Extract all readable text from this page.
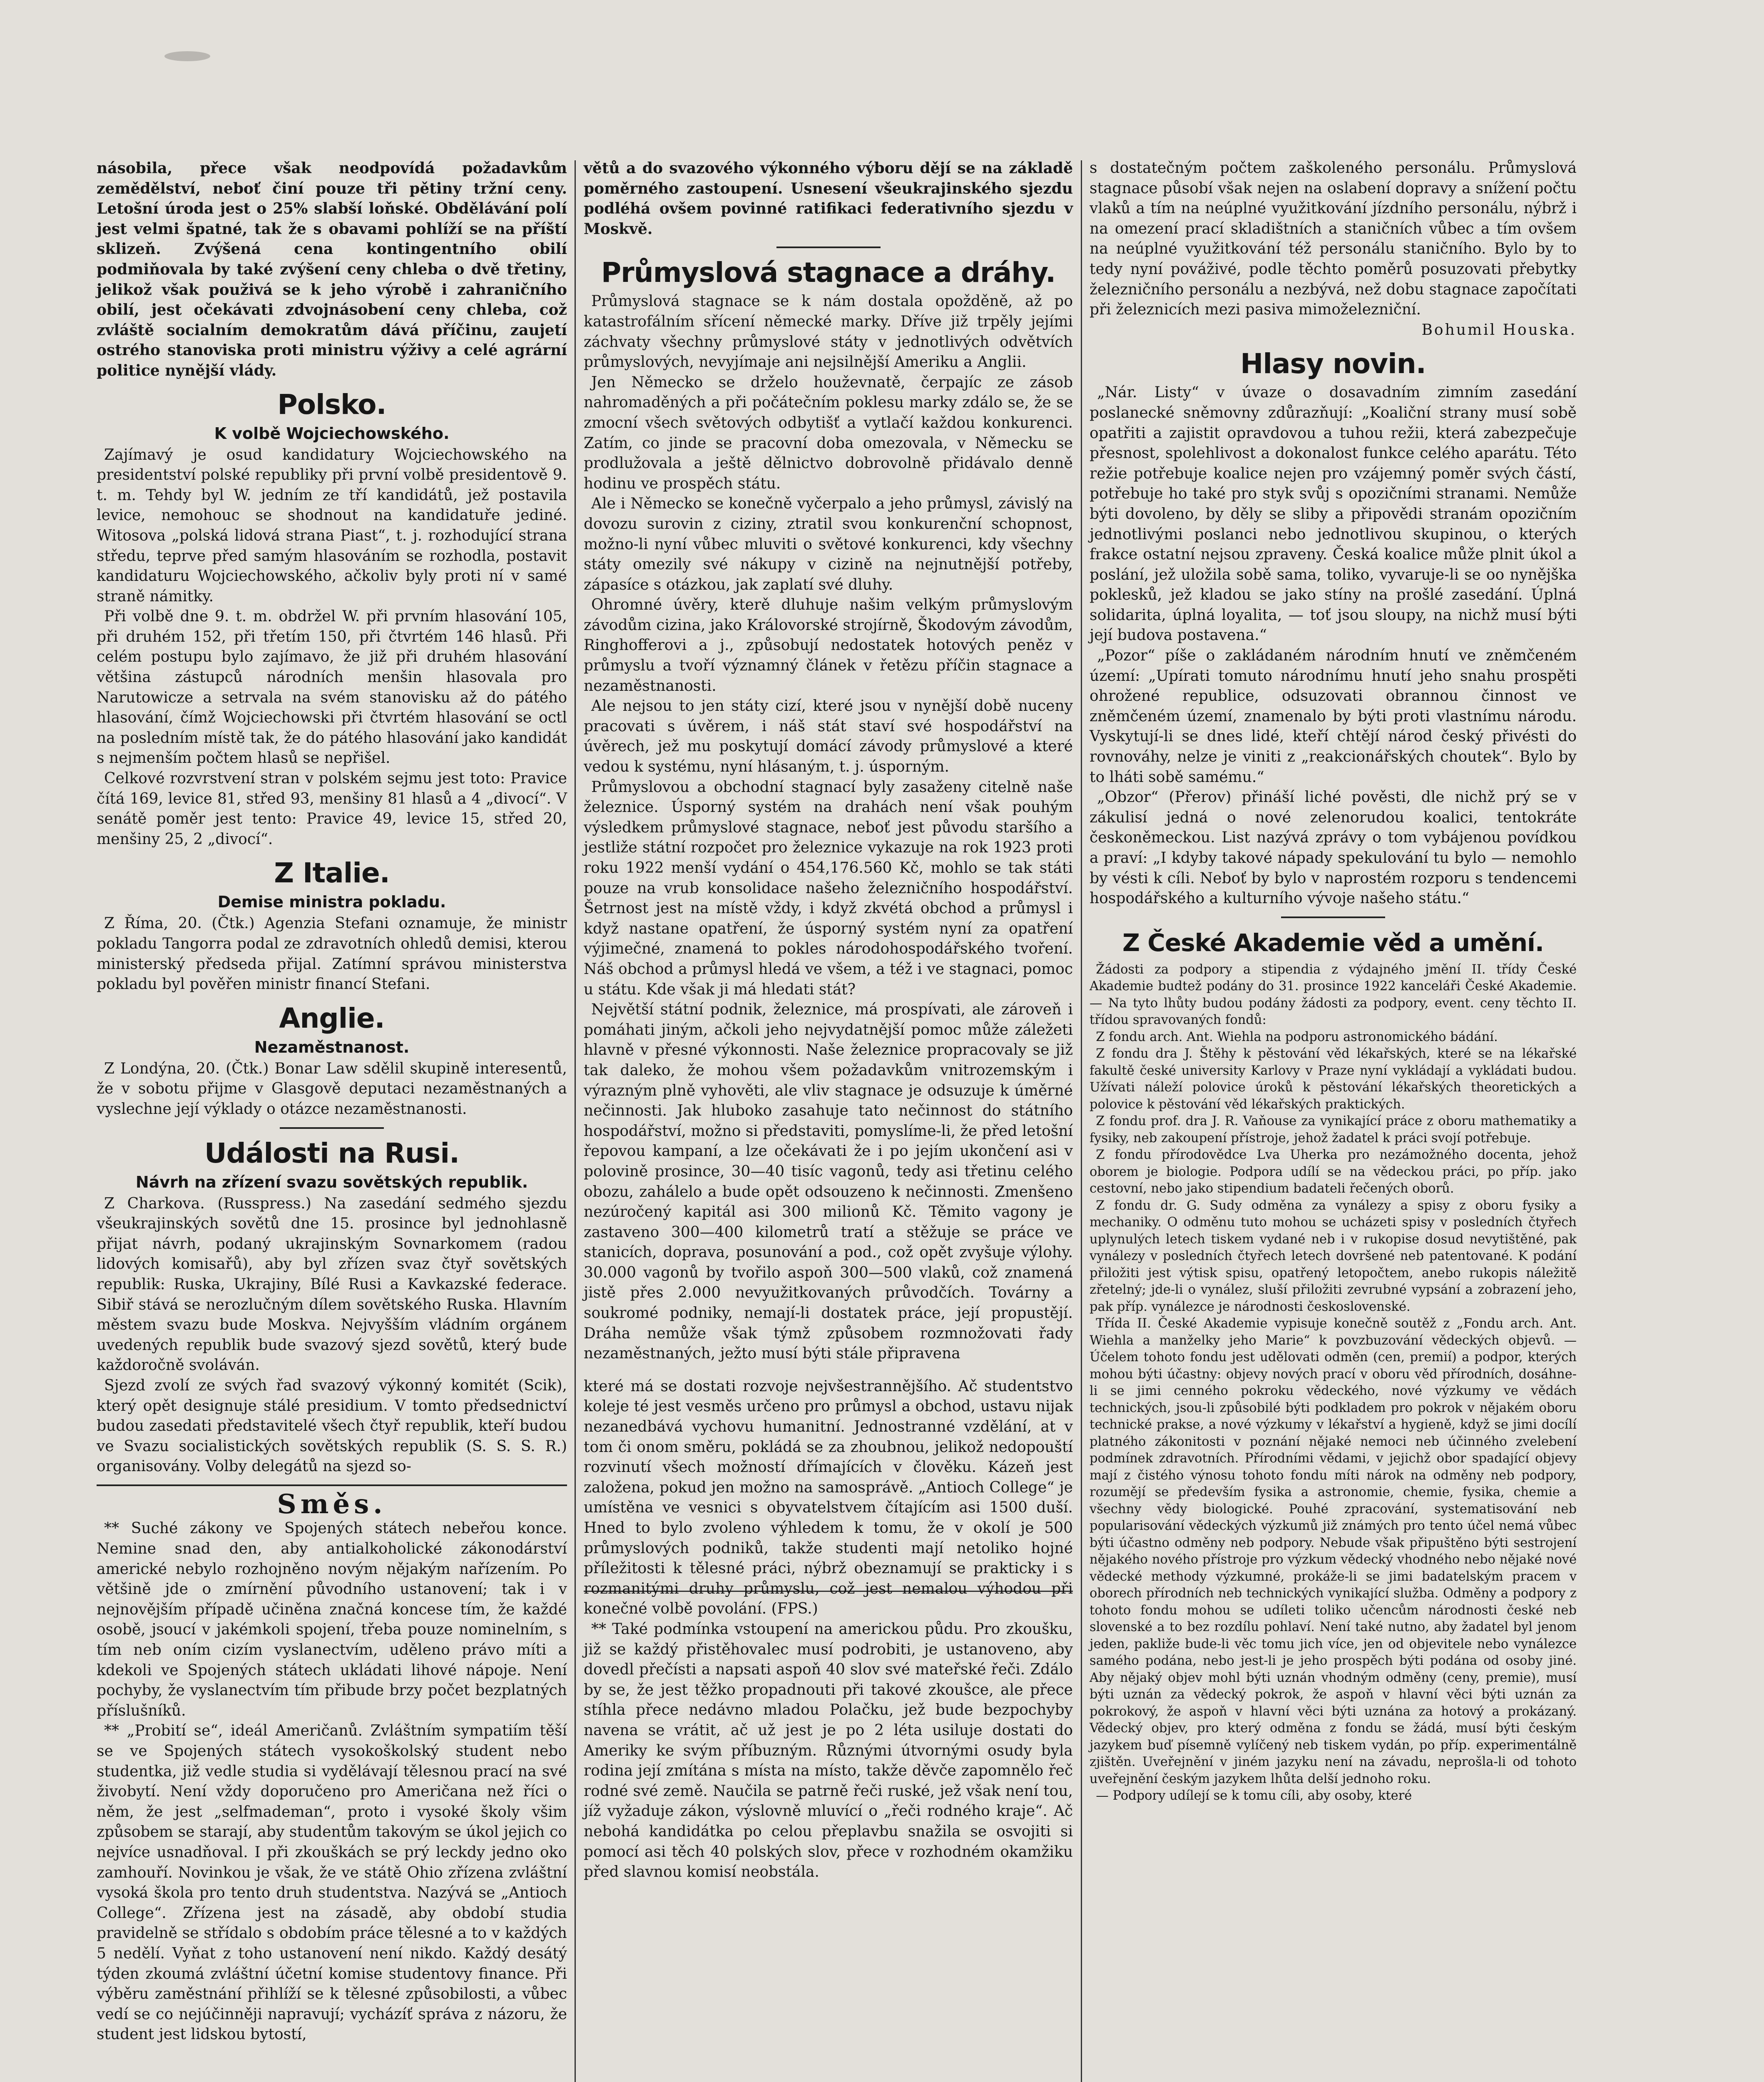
násobila, přece však neodpovídá požadavkům zemědělství, neboť činí pouze tři pětiny tržní ceny. Letošní úroda jest o 25% slabší loňské. Obdělávání polí jest velmi špatné, tak že s obavami pohlíží se na příští sklizeň. Zvýšená cena kontingentního obilí podmiňovala by také zvýšení ceny chleba o dvě třetiny, jelikož však použivá se k jeho výrobě i zahraničního obilí, jest očekávati zdvojnásobení ceny chleba, což zvláště socialním demokratům dává příčinu, zaujetí ostrého stanoviska proti ministru výživy a celé agrární politice nynější vlády.

Polsko.
K volbě Wojciechowského.

Zajímavý je osud kandidatury Wojciechowského na presidentství polské republiky při první volbě presidentově 9. t. m. Tehdy byl W. jedním ze tří kandidátů, jež postavila levice, nemohouc se shodnout na kandidatuře jediné. Witosova „polská lidová strana Piast“, t. j. rozhodující strana středu, teprve před samým hlasováním se rozhodla, postavit kandidaturu Wojciechowského, ačkoliv byly proti ní v samé straně námitky.

Při volbě dne 9. t. m. obdržel W. při prvním hlasování 105, při druhém 152, při třetím 150, při čtvrtém 146 hlasů. Při celém postupu bylo zajímavo, že již při druhém hlasování většina zástupců národních menšin hlasovala pro Narutowicze a setrvala na svém stanovisku až do pátého hlasování, čímž Wojciechowski při čtvrtém hlasování se octl na posledním místě tak, že do pátého hlasování jako kandidát s nejmenším počtem hlasů se nepřišel.

Celkové rozvrstvení stran v polském sejmu jest toto: Pravice čítá 169, levice 81, střed 93, menšiny 81 hlasů a 4 „divocí“. V senátě poměr jest tento: Pravice 49, levice 15, střed 20, menšiny 25, 2 „divocí“.

Z Italie.
Demise ministra pokladu.

Z Říma, 20. (Čtk.) Agenzia Stefani oznamuje, že ministr pokladu Tangorra podal ze zdravotních ohledů demisi, kterou ministerský předseda přijal. Zatímní správou ministerstva pokladu byl pověřen ministr financí Stefani.

Anglie.
Nezaměstnanost.

Z Londýna, 20. (Čtk.) Bonar Law sdělil skupině interesentů, že v sobotu přijme v Glasgově deputaci nezaměstnaných a vyslechne její výklady o otázce nezaměstnanosti.

Události na Rusi.
Návrh na zřízení svazu sovětských republik.

Z Charkova. (Russpress.) Na zasedání sedmého sjezdu všeukrajinských sovětů dne 15. prosince byl jednohlasně přijat návrh, podaný ukrajinským Sovnarkomem (radou lidových komisařů), aby byl zřízen svaz čtyř sovětských republik: Ruska, Ukrajiny, Bílé Rusi a Kavkazské federace. Sibiř stává se nerozlučným dílem sovětského Ruska. Hlavním městem svazu bude Moskva. Nejvyšším vládním orgánem uvedených republik bude svazový sjezd sovětů, který bude každoročně svoláván.

Sjezd zvolí ze svých řad svazový výkonný komitét (Scik), který opět designuje stálé presidium. V tomto předsednictví budou zasedati představitelé všech čtyř republik, kteří budou ve Svazu socialistických sovětských republik (S. S. S. R.) organisovány. Volby delegátů na sjezd so-

Směs.

** Suché zákony ve Spojených státech nebeřou konce. Nemine snad den, aby antialkoholické zákonodárství americké nebylo rozhojněno novým nějakým nařízením. Po většině jde o zmírnění původního ustanovení; tak i v nejnovějším případě učiněna značná koncese tím, že každé osobě, jsoucí v jakémkoli spojení, třeba pouze nominelním, s tím neb oním cizím vyslanectvím, uděleno právo míti a kdekoli ve Spojených státech ukládati lihové nápoje. Není pochyby, že vyslanectvím tím přibude brzy počet bezplatných příslušníků.

** „Probití se“, ideál Američanů. Zvláštním sympatiím těší se ve Spojených státech vysokoškolský student nebo studentka, již vedle studia si vydělávají tělesnou prací na své živobytí. Není vždy doporučeno pro Američana než říci o něm, že jest „selfmademan“, proto i vysoké školy všim způsobem se starají, aby studentům takovým se úkol jejich co nejvíce usnadňoval. I při zkouškách se prý leckdy jedno oko zamhouří. Novinkou je však, že ve státě Ohio zřízena zvláštní vysoká škola pro tento druh studentstva. Nazývá se „Antioch College“. Zřízena jest na zásadě, aby období studia pravidelně se střídalo s obdobím práce tělesné a to v každých 5 nedělí. Vyňat z toho ustanovení není nikdo. Každý desátý týden zkoumá zvláštní účetní komise studentovy finance. Při výběru zaměstnání přihlíží se k tělesné způsobilosti, a vůbec vedí se co nejúčinněji napravují; vycházíť správa z názoru, že student jest lidskou bytostí,

větů a do svazového výkonného výboru dějí se na základě poměrného zastoupení. Usnesení všeukrajinského sjezdu podléhá ovšem povinné ratifikaci federativního sjezdu v Moskvě.

Průmyslová stagnace a dráhy.

Průmyslová stagnace se k nám dostala opožděně, až po katastrofálním sřícení německé marky. Dříve již trpěly jejími záchvaty všechny průmyslové státy v jednotlivých odvětvích průmyslových, nevyjímaje ani nejsilnější Ameriku a Anglii.

Jen Německo se drželo houževnatě, čerpajíc ze zásob nahromaděných a při počátečním poklesu marky zdálo se, že se zmocní všech světových odbytišť a vytlačí každou konkurenci. Zatím, co jinde se pracovní doba omezovala, v Německu se prodlužovala a ještě dělnictvo dobrovolně přidávalo denně hodinu ve prospěch státu.

Ale i Německo se konečně vyčerpalo a jeho průmysl, závislý na dovozu surovin z ciziny, ztratil svou konkurenční schopnost, možno-li nyní vůbec mluviti o světové konkurenci, kdy všechny státy omezily své nákupy v cizině na nejnutnější potřeby, zápasíce s otázkou, jak zaplatí své dluhy.

Ohromné úvěry, kterě dluhuje našim velkým průmyslovým závodům cizina, jako Královorské strojírně, Škodovým závodům, Ringhofferovi a j., způsobují nedostatek hotových peněz v průmyslu a tvoří významný článek v řetězu příčin stagnace a nezaměstnanosti.

Ale nejsou to jen státy cizí, které jsou v nynější době nuceny pracovati s úvěrem, i náš stát staví své hospodářství na úvěrech, jež mu poskytují domácí závody průmyslové a které vedou k systému, nyní hlásaným, t. j. úsporným.

Průmyslovou a obchodní stagnací byly zasaženy citelně naše železnice. Úsporný systém na drahách není však pouhým výsledkem průmyslové stagnace, neboť jest původu staršího a jestliže státní rozpočet pro železnice vykazuje na rok 1923 proti roku 1922 menší vydání o 454,176.560 Kč, mohlo se tak státi pouze na vrub konsolidace našeho železničního hospodářství. Šetrnost jest na místě vždy, i když zkvétá obchod a průmysl i když nastane opatření, že úsporný systém nyní za opatření výjimečné, znamená to pokles národohospodářského tvoření. Náš obchod a průmysl hledá ve všem, a též i ve stagnaci, pomoc u státu. Kde však ji má hledati stát?

Největší státní podnik, železnice, má prospívati, ale zároveň i pomáhati jiným, ačkoli jeho nejvydatnější pomoc může záležeti hlavně v přesné výkonnosti. Naše železnice propracovaly se již tak daleko, že mohou všem požadavkům vnitrozemským i výrazným plně vyhověti, ale vliv stagnace je odsuzuje k úměrné nečinnosti. Jak hluboko zasahuje tato nečinnost do státního hospodářství, možno si představiti, pomyslíme-li, že před letošní řepovou kampaní, a lze očekávati že i po jejím ukončení asi v polovině prosince, 30—40 tisíc vagonů, tedy asi třetinu celého obozu, zahálelo a bude opět odsouzeno k nečinnosti. Zmenšeno nezúročený kapitál asi 300 milionů Kč. Těmito vagony je zastaveno 300—400 kilometrů tratí a stěžuje se práce ve stanicích, doprava, posunování a pod., což opět zvyšuje výlohy. 30.000 vagonů by tvořilo aspoň 300—500 vlaků, což znamená jistě přes 2.000 nevyužitkovaných průvodčích. Továrny a soukromé podniky, nemají-li dostatek práce, její propustějí. Dráha nemůže však týmž způsobem rozmnožovati řady nezaměstnaných, ježto musí býti stále připravena

které má se dostati rozvoje nejvšestrannějšího. Ač studentstvo koleje té jest vesměs určeno pro průmysl a obchod, ustavu nijak nezanedbává vychovu humanitní. Jednostranné vzdělání, at v tom či onom směru, pokládá se za zhoubnou, jelikož nedopouští rozvinutí všech možností dřímajících v člověku. Kázeň jest založena, pokud jen možno na samosprávě. „Antioch College“ je umístěna ve vesnici s obyvatelstvem čítajícím asi 1500 duší. Hned to bylo zvoleno výhledem k tomu, že v okolí je 500 průmyslových podniků, takže studenti mají netoliko hojné příležitosti k tělesné práci, nýbrž obeznamují se prakticky i s rozmanitými druhy průmyslu, což jest nemalou výhodou při konečné volbě povolání. (FPS.)

** Také podmínka vstoupení na americkou půdu. Pro zkoušku, již se každý přistěhovalec musí podrobiti, je ustanoveno, aby dovedl přečísti a napsati aspoň 40 slov své mateřské řeči. Zdálo by se, že jest těžko propadnouti při takové zkoušce, ale přece stíhla přece nedávno mladou Polačku, jež bude bezpochyby navena se vrátit, ač už jest je po 2 léta usiluje dostati do Ameriky ke svým příbuzným. Různými útvornými osudy byla rodina její zmítána s místa na místo, takže děvče zapomnělo řeč rodné své země. Naučila se patrně řeči ruské, jež však není tou, jíž vyžaduje zákon, výslovně mluvící o „řeči rodného kraje“. Ač nebohá kandidátka po celou přeplavbu snažila se osvojiti si pomocí asi těch 40 polských slov, přece v rozhodném okamžiku před slavnou komisí neobstála.

s dostatečným počtem zaškoleného personálu. Průmyslová stagnace působí však nejen na oslabení dopravy a snížení počtu vlaků a tím na neúplné využitkování jízdního personálu, nýbrž i na omezení prací skladištních a staničních vůbec a tím ovšem na neúplné využitkování též personálu staničního. Bylo by to tedy nyní pováživé, podle těchto poměrů posuzovati přebytky železničního personálu a nezbývá, než dobu stagnace započítati při železnicích mezi pasiva mimoželezniční.

Bohumil Houska.

Hlasy novin.

„Nár. Listy“ v úvaze o dosavadním zimním zasedání poslanecké sněmovny zdůrazňují: „Koaliční strany musí sobě opatřiti a zajistit opravdovou a tuhou režii, která zabezpečuje přesnost, spolehlivost a dokonalost funkce celého aparátu. Této režie potřebuje koalice nejen pro vzájemný poměr svých částí, potřebuje ho také pro styk svůj s opozičními stranami. Nemůže býti dovoleno, by děly se sliby a připovědi stranám opozičním jednotlivými poslanci nebo jednotlivou skupinou, o kterých frakce ostatní nejsou zpraveny. Česká koalice může plnit úkol a poslání, jež uložila sobě sama, toliko, vyvaruje-li se oo nynějška poklesků, jež kladou se jako stíny na prošlé zasedání. Úplná solidarita, úplná loyalita, — toť jsou sloupy, na nichž musí býti její budova postavena.“

„Pozor“ píše o zakládaném národním hnutí ve zněmčeném území: „Upírati tomuto národnímu hnutí jeho snahu prospěti ohrožené republice, odsuzovati obrannou činnost ve zněmčeném území, znamenalo by býti proti vlastnímu národu. Vyskytují-li se dnes lidé, kteří chtějí národ český přivésti do rovnováhy, nelze je viniti z „reakcionářských choutek“. Bylo by to lháti sobě samému.“

„Obzor“ (Přerov) přináší liché pověsti, dle nichž prý se v zákulisí jedná o nové zelenorudou koalici, tentokráte českoněmeckou. List nazývá zprávy o tom vybájenou povídkou a praví: „I kdyby takové nápady spekulování tu bylo — nemohlo by vésti k cíli. Neboť by bylo v naprostém rozporu s tendencemi hospodářského a kulturního vývoje našeho státu.“

Z České Akademie věd a umění.

Žádosti za podpory a stipendia z výdajného jmění II. třídy České Akademie budtež podány do 31. prosince 1922 kanceláři České Akademie. — Na tyto lhůty budou podány žádosti za podpory, event. ceny těchto II. třídou spravovaných fondů:

Z fondu arch. Ant. Wiehla na podporu astronomického bádání.

Z fondu dra J. Štěhy k pěstování věd lékařských, které se na lékařské fakultě české university Karlovy v Praze nyní vykládají a vykládati budou. Užívati náleží polovice úroků k pěstování lékařských theoretických a polovice k pěstování věd lékařských praktických.

Z fondu prof. dra J. R. Vaňouse za vynikající práce z oboru mathematiky a fysiky, neb zakoupení přístroje, jehož žadatel k práci svojí potřebuje.

Z fondu přírodovědce Lva Uherka pro nezámožného docenta, jehož oborem je biologie. Podpora udílí se na vědeckou práci, po příp. jako cestovní, nebo jako stipendium badateli řečených oborů.

Z fondu dr. G. Sudy odměna za vynálezy a spisy z oboru fysiky a mechaniky. O odměnu tuto mohou se ucházeti spisy v posledních čtyřech uplynulých letech tiskem vydané neb i v rukopise dosud nevytištěné, pak vynálezy v posledních čtyřech letech dovršené neb patentované. K podání přiložiti jest výtisk spisu, opatřený letopočtem, anebo rukopis náležitě zřetelný; jde-li o vynález, sluší přiložiti zevrubné vypsání a zobrazení jeho, pak příp. vynálezce je národnosti československé.

Třída II. České Akademie vypisuje konečně soutěž z „Fondu arch. Ant. Wiehla a manželky jeho Marie“ k povzbuzování vědeckých objevů. — Účelem tohoto fondu jest udělovati odměn (cen, premií) a podpor, kterých mohou býti účastny: objevy nových prací v oboru věd přírodních, dosáhne-li se jimi cenného pokroku vědeckého, nové výzkumy ve vědách technických, jsou-li způsobilé býti podkladem pro pokrok v nějakém oboru technické prakse, a nové výzkumy v lékařství a hygieně, když se jimi docílí platného zákonitosti v poznání nějaké nemoci neb účinného zvelebení podmínek zdravotních. Přírodními vědami, v jejichž obor spadající objevy mají z čistého výnosu tohoto fondu míti nárok na odměny neb podpory, rozumějí se především fysika a astronomie, chemie, fysika, chemie a všechny vědy biologické. Pouhé zpracování, systematisování neb popularisování vědeckých výzkumů již známých pro tento účel nemá vůbec býti účastno odměny neb podpory. Nebude však připuštěno býti sestrojení nějakého nového přístroje pro výzkum vědecký vhodného nebo nějaké nové vědecké methody výzkumné, prokáže-li se jimi badatelským pracem v oborech přírodních neb technických vynikající služba. Odměny a podpory z tohoto fondu mohou se udíleti toliko učencům národnosti české neb slovenské a to bez rozdílu pohlaví. Není také nutno, aby žadatel byl jenom jeden, pakliže bude-li věc tomu jich více, jen od objevitele nebo vynálezce samého podána, nebo jest-li je jeho prospěch býti podána od osoby jiné. Aby nějaký objev mohl býti uznán vhodným odměny (ceny, premie), musí býti uznán za vědecký pokrok, že aspoň v hlavní věci býti uznán za pokrokový, že aspoň v hlavní věci býti uznána za hotový a prokázaný. Vědecký objev, pro který odměna z fondu se žádá, musí býti českým jazykem buď písemně vylíčený neb tiskem vydán, po příp. experimentálně zjištěn. Uveřejnění v jiném jazyku není na závadu, neprošla-li od tohoto uveřejnění českým jazykem lhůta delší jednoho roku.

— Podpory udílejí se k tomu cíli, aby osoby, které
